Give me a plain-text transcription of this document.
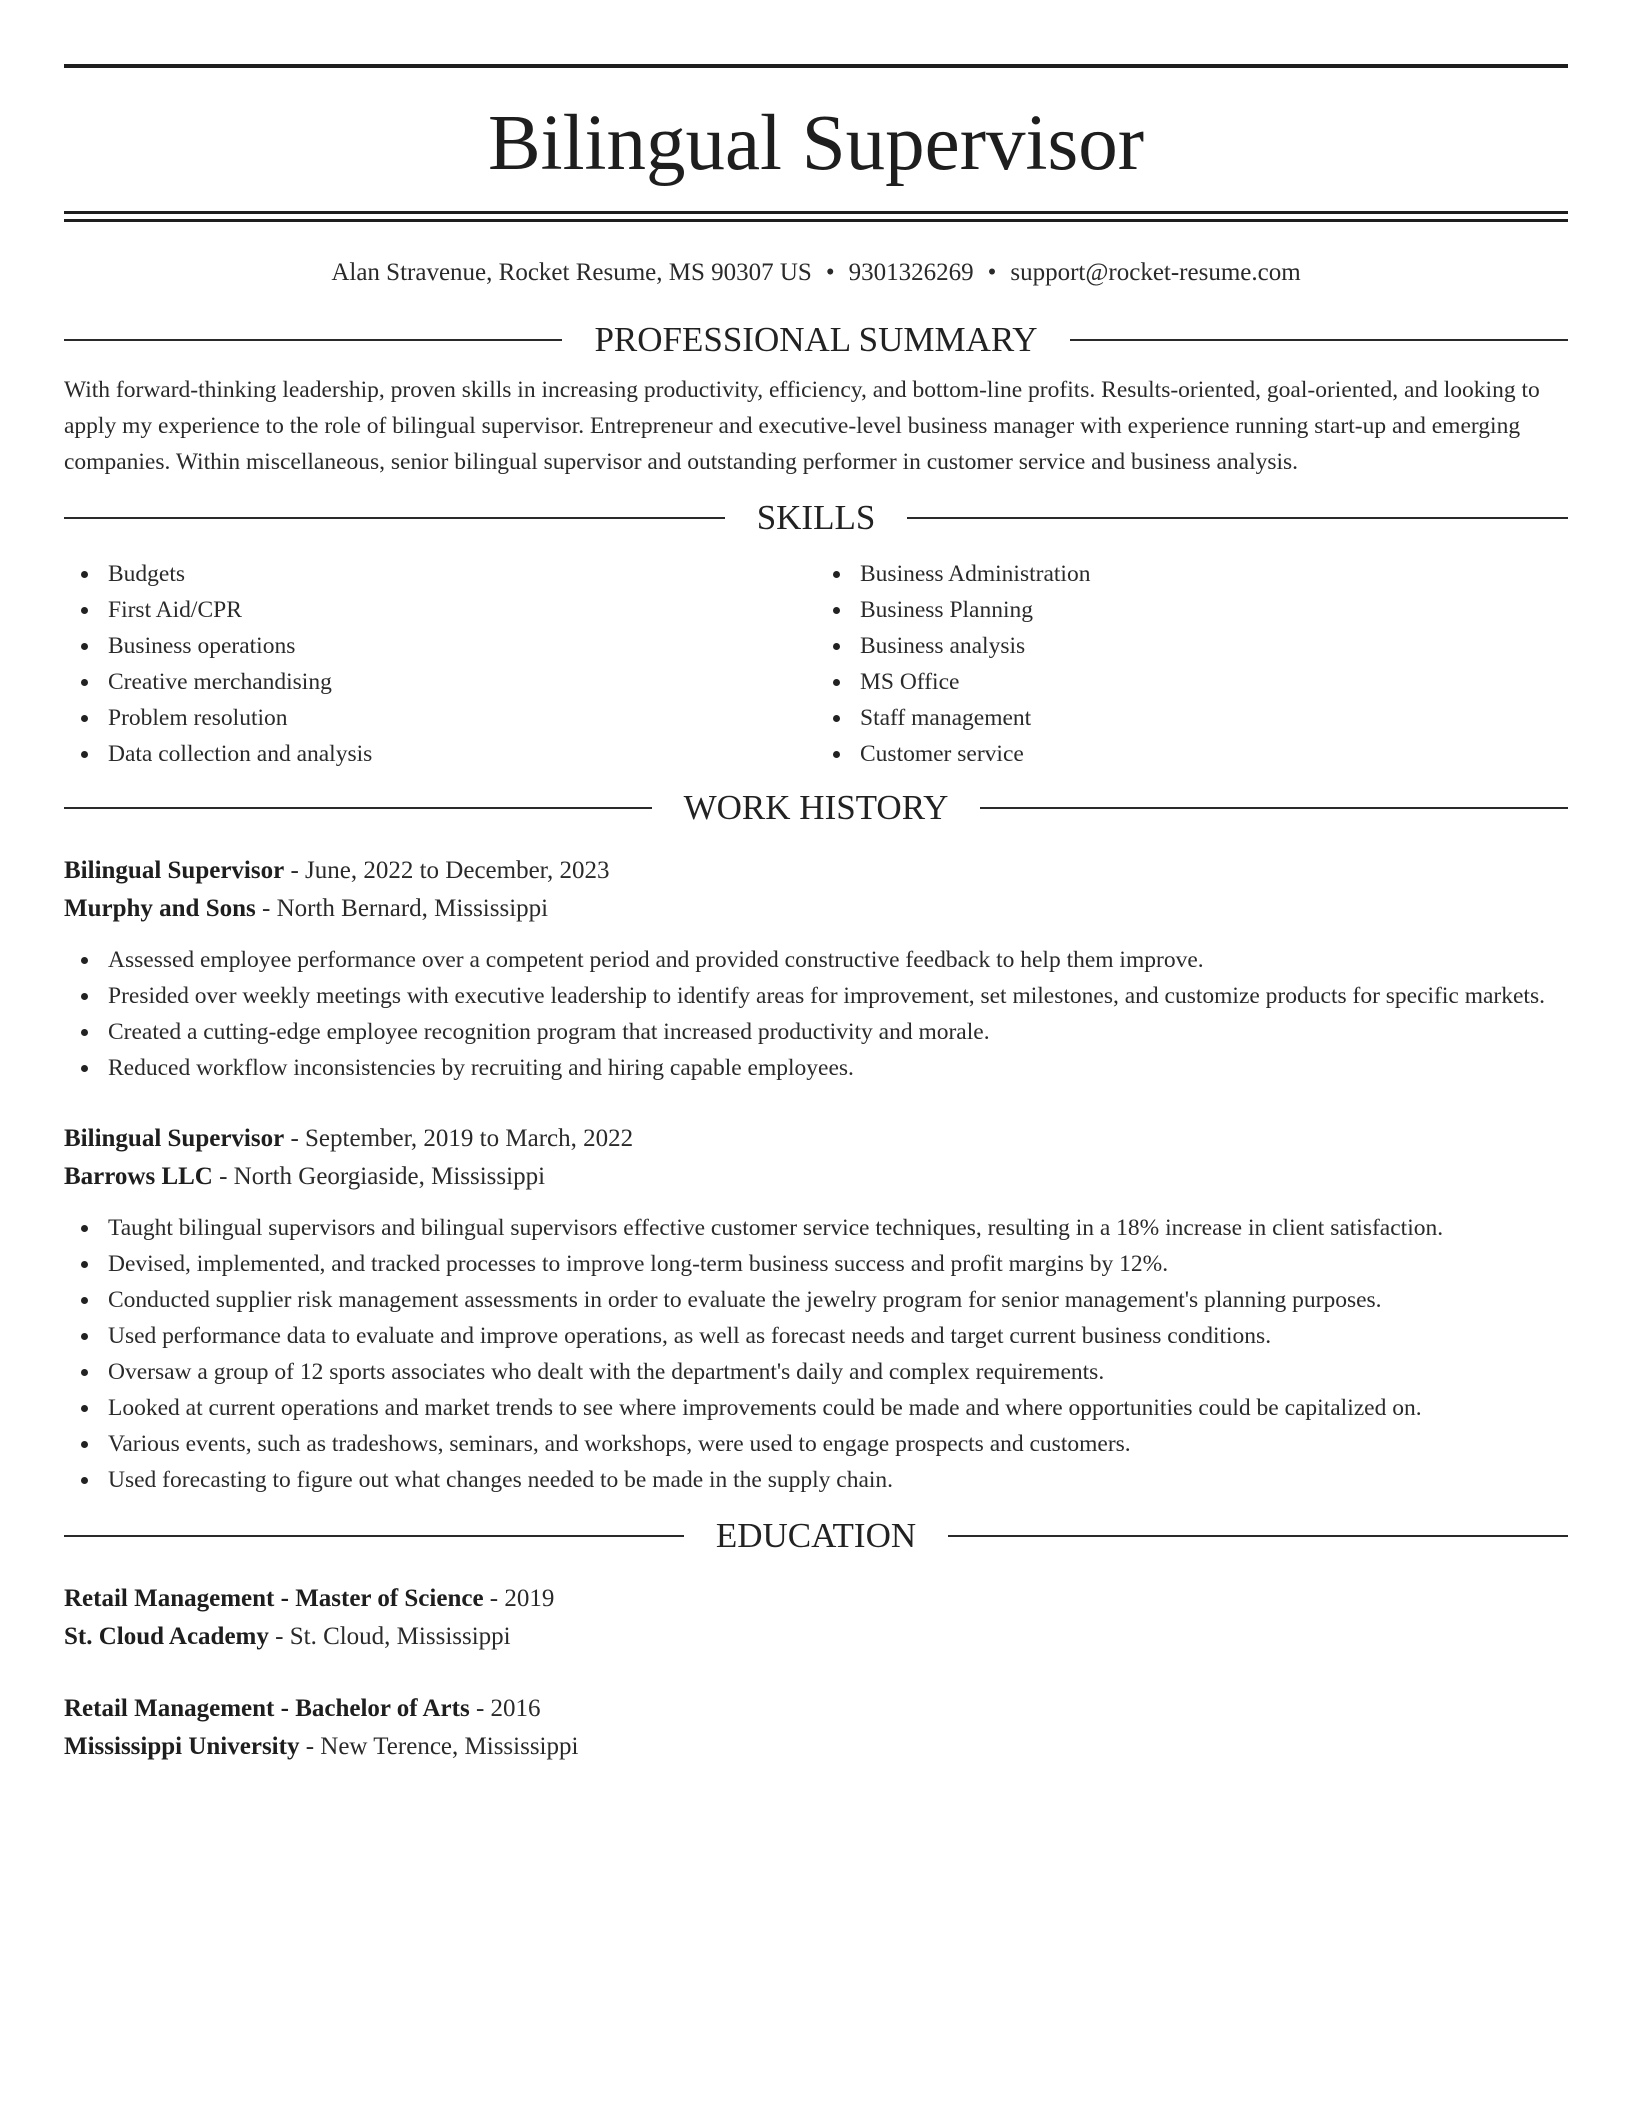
Bilingual Supervisor
Alan Stravenue, Rocket Resume, MS 90307 US • 9301326269 • support@rocket-resume.com
PROFESSIONAL SUMMARY

With forward-thinking leadership, proven skills in increasing productivity, efficiency, and bottom-line profits. Results-oriented, goal-oriented, and looking to apply my experience to the role of bilingual supervisor. Entrepreneur and executive-level business manager with experience running start-up and emerging companies. Within miscellaneous, senior bilingual supervisor and outstanding performer in customer service and business analysis.

SKILLS
Budgets
First Aid/CPR
Business operations
Creative merchandising
Problem resolution
Data collection and analysis
Business Administration
Business Planning
Business analysis
MS Office
Staff management
Customer service
WORK HISTORY
Bilingual Supervisor - June, 2022 to December, 2023
Murphy and Sons - North Bernard, Mississippi
Assessed employee performance over a competent period and provided constructive feedback to help them improve.
Presided over weekly meetings with executive leadership to identify areas for improvement, set milestones, and customize products for specific markets.
Created a cutting-edge employee recognition program that increased productivity and morale.
Reduced workflow inconsistencies by recruiting and hiring capable employees.
Bilingual Supervisor - September, 2019 to March, 2022
Barrows LLC - North Georgiaside, Mississippi
Taught bilingual supervisors and bilingual supervisors effective customer service techniques, resulting in a 18% increase in client satisfaction.
Devised, implemented, and tracked processes to improve long-term business success and profit margins by 12%.
Conducted supplier risk management assessments in order to evaluate the jewelry program for senior management's planning purposes.
Used performance data to evaluate and improve operations, as well as forecast needs and target current business conditions.
Oversaw a group of 12 sports associates who dealt with the department's daily and complex requirements.
Looked at current operations and market trends to see where improvements could be made and where opportunities could be capitalized on.
Various events, such as tradeshows, seminars, and workshops, were used to engage prospects and customers.
Used forecasting to figure out what changes needed to be made in the supply chain.
EDUCATION
Retail Management - Master of Science - 2019
St. Cloud Academy - St. Cloud, Mississippi
Retail Management - Bachelor of Arts - 2016
Mississippi University - New Terence, Mississippi
